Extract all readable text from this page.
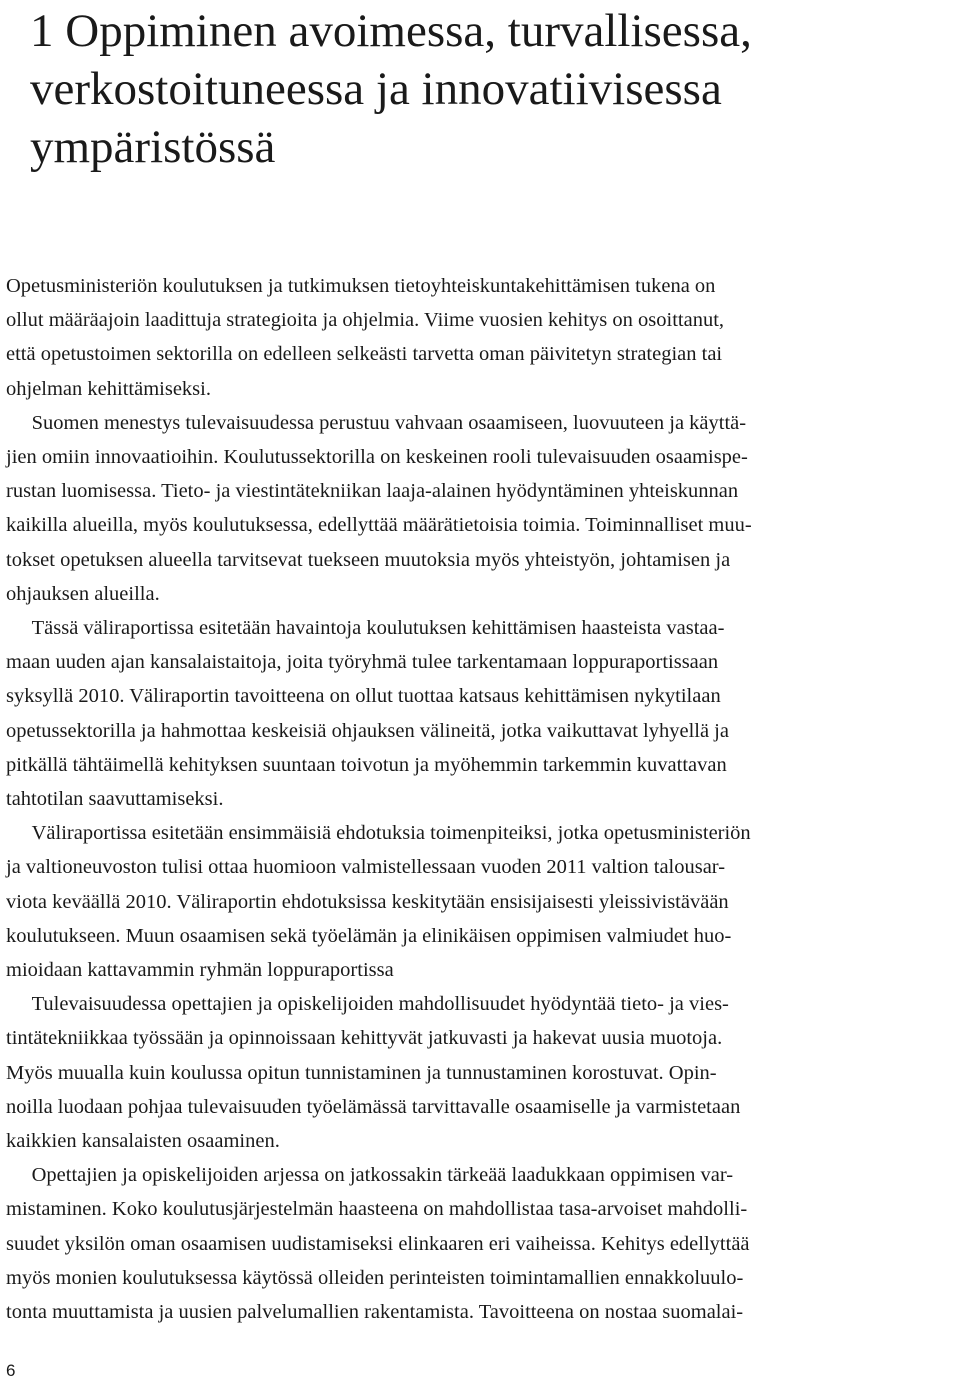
1 Oppiminen avoimessa, turvallisessa,
verkostoituneessa ja innovatiivisessa
ympäristössä
Opetusministeriön koulutuksen ja tutkimuksen tietoyhteiskuntakehittämisen tukena on
ollut määräajoin laadittuja strategioita ja ohjelmia. Viime vuosien kehitys on osoittanut,
että opetustoimen sektorilla on edelleen selkeästi tarvetta oman päivitetyn strategian tai
ohjelman kehittämiseksi.
Suomen menestys tulevaisuudessa perustuu vahvaan osaamiseen, luovuuteen ja käyttä-
jien omiin innovaatioihin. Koulutussektorilla on keskeinen rooli tulevaisuuden osaamispe-
rustan luomisessa. Tieto- ja viestintätekniikan laaja-alainen hyödyntäminen yhteiskunnan
kaikilla alueilla, myös koulutuksessa, edellyttää määrätietoisia toimia. Toiminnalliset muu-
tokset opetuksen alueella tarvitsevat tuekseen muutoksia myös yhteistyön, johtamisen ja
ohjauksen alueilla.
Tässä väliraportissa esitetään havaintoja koulutuksen kehittämisen haasteista vastaa-
maan uuden ajan kansalaistaitoja, joita työryhmä tulee tarkentamaan loppuraportissaan
syksyllä 2010. Väliraportin tavoitteena on ollut tuottaa katsaus kehittämisen nykytilaan
opetussektorilla ja hahmottaa keskeisiä ohjauksen välineitä, jotka vaikuttavat lyhyellä ja
pitkällä tähtäimellä kehityksen suuntaan toivotun ja myöhemmin tarkemmin kuvattavan
tahtotilan saavuttamiseksi.
Väliraportissa esitetään ensimmäisiä ehdotuksia toimenpiteiksi, jotka opetusministeriön
ja valtioneuvoston tulisi ottaa huomioon valmistellessaan vuoden 2011 valtion talousar-
viota keväällä 2010. Väliraportin ehdotuksissa keskitytään ensisijaisesti yleissivistävään
koulutukseen. Muun osaamisen sekä työelämän ja elinikäisen oppimisen valmiudet huo-
mioidaan kattavammin ryhmän loppuraportissa
Tulevaisuudessa opettajien ja opiskelijoiden mahdollisuudet hyödyntää tieto- ja vies-
tintätekniikkaa työssään ja opinnoissaan kehittyvät jatkuvasti ja hakevat uusia muotoja.
Myös muualla kuin koulussa opitun tunnistaminen ja tunnustaminen korostuvat. Opin-
noilla luodaan pohjaa tulevaisuuden työelämässä tarvittavalle osaamiselle ja varmistetaan
kaikkien kansalaisten osaaminen.
Opettajien ja opiskelijoiden arjessa on jatkossakin tärkeää laadukkaan oppimisen var-
mistaminen. Koko koulutusjärjestelmän haasteena on mahdollistaa tasa-arvoiset mahdolli-
suudet yksilön oman osaamisen uudistamiseksi elinkaaren eri vaiheissa. Kehitys edellyttää
myös monien koulutuksessa käytössä olleiden perinteisten toimintamallien ennakkoluulo-
tonta muuttamista ja uusien palvelumallien rakentamista. Tavoitteena on nostaa suomalai-
6
